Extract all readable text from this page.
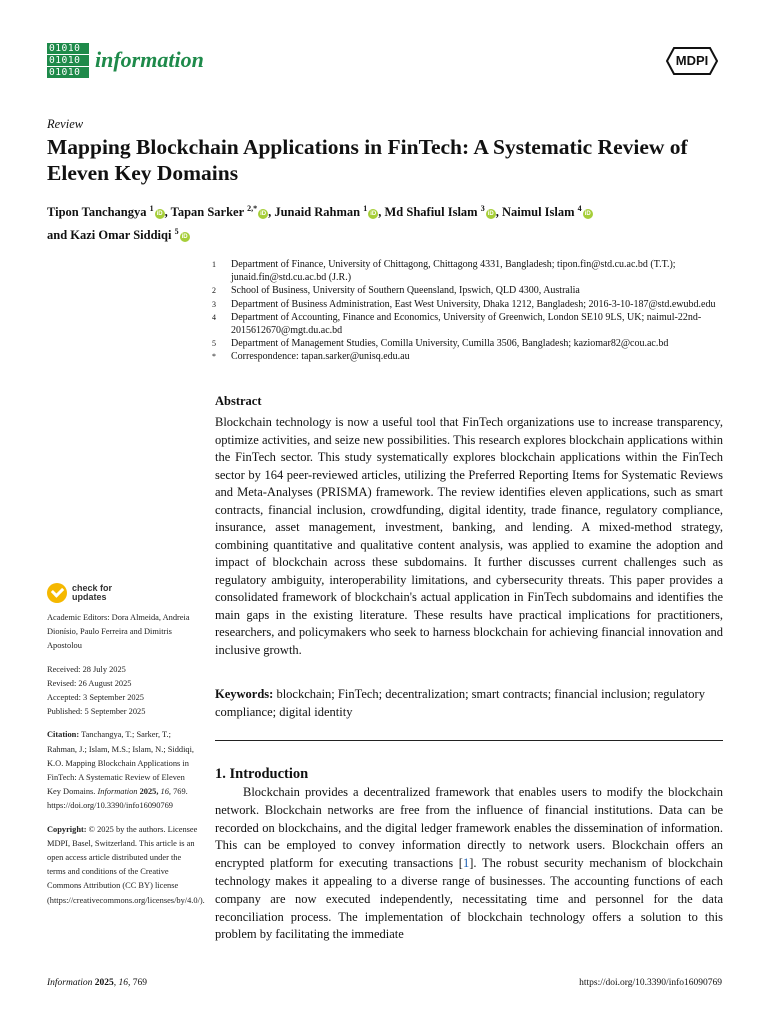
01010
01010
01010
information	MDPI
Review
Mapping Blockchain Applications in FinTech: A Systematic Review of Eleven Key Domains
Tipon Tanchangya $^1$iD , Tapan Sarker $^{2,*}$iD , Junaid Rahman $^1$iD , Md Shafiul Islam $^3$iD , Naimul Islam $^4$iD
and Kazi Omar Siddiqi $^5$iD
1	Department of Finance, University of Chittagong, Chittagong 4331, Bangladesh; tipon.fin@std.cu.ac.bd (T.T.); junaid.fin@std.cu.ac.bd (J.R.)
2	School of Business, University of Southern Queensland, Ipswich, QLD 4300, Australia
3	Department of Business Administration, East West University, Dhaka 1212, Bangladesh; 2016-3-10-187@std.ewubd.edu
4	Department of Accounting, Finance and Economics, University of Greenwich, London SE10 9LS, UK; naimul-22nd-2015612670@mgt.du.ac.bd
5	Department of Management Studies, Comilla University, Cumilla 3506, Bangladesh; kaziomar82@cou.ac.bd
*	Correspondence: tapan.sarker@unisq.edu.au
Abstract
Blockchain technology is now a useful tool that FinTech organizations use to increase transparency, optimize activities, and seize new possibilities. This research explores blockchain applications within the FinTech sector. This study systematically explores blockchain applications within the FinTech sector by 164 peer-reviewed articles, utilizing the Preferred Reporting Items for Systematic Reviews and Meta-Analyses (PRISMA) framework. The review identifies eleven applications, such as smart contracts, financial inclusion, crowdfunding, digital identity, trade finance, regulatory compliance, insurance, asset management, investment, banking, and lending. A mixed-method strategy, combining quantitative and qualitative content analysis, was applied to examine the adoption and impact of blockchain across these subdomains. It further discusses current challenges such as regulatory ambiguity, interoperability limitations, and cybersecurity threats. This paper provides a consolidated framework of blockchain's actual application in FinTech subdomains and identifies the main gaps in the existing literature. These results have practical implications for practitioners, researchers, and policymakers who seek to harness blockchain for achieving financial innovation and inclusive growth.
Keywords: blockchain; FinTech; decentralization; smart contracts; financial inclusion; regulatory compliance; digital identity
1. Introduction

Blockchain provides a decentralized framework that enables users to modify the blockchain network. Blockchain networks are free from the influence of financial institutions. Data can be recorded on blockchains, and the digital ledger framework enables the dissemination of information. This can be employed to convey information directly to network users. Blockchain offers an encrypted platform for executing transactions [1]. The robust security mechanism of blockchain technology makes it appealing to a diverse range of businesses. The accounting functions of each company are now executed independently, necessitating time and personnel for the data reconciliation process. The implementation of blockchain technology offers a solution to this problem by facilitating the immediate

check for
updates
Academic Editors: Dora Almeida, Andreia Dionísio, Paulo Ferreira and Dimitris Apostolou
Received: 28 July 2025
Revised: 26 August 2025
Accepted: 3 September 2025
Published: 5 September 2025
Citation: Tanchangya, T.; Sarker, T.; Rahman, J.; Islam, M.S.; Islam, N.; Siddiqi, K.O. Mapping Blockchain Applications in FinTech: A Systematic Review of Eleven Key Domains. Information 2025, 16, 769. https://doi.org/10.3390/info16090769
Copyright: © 2025 by the authors. Licensee MDPI, Basel, Switzerland. This article is an open access article distributed under the terms and conditions of the Creative Commons Attribution (CC BY) license (https://creativecommons.org/licenses/by/4.0/).
Information 2025, 16, 769	https://doi.org/10.3390/info16090769
